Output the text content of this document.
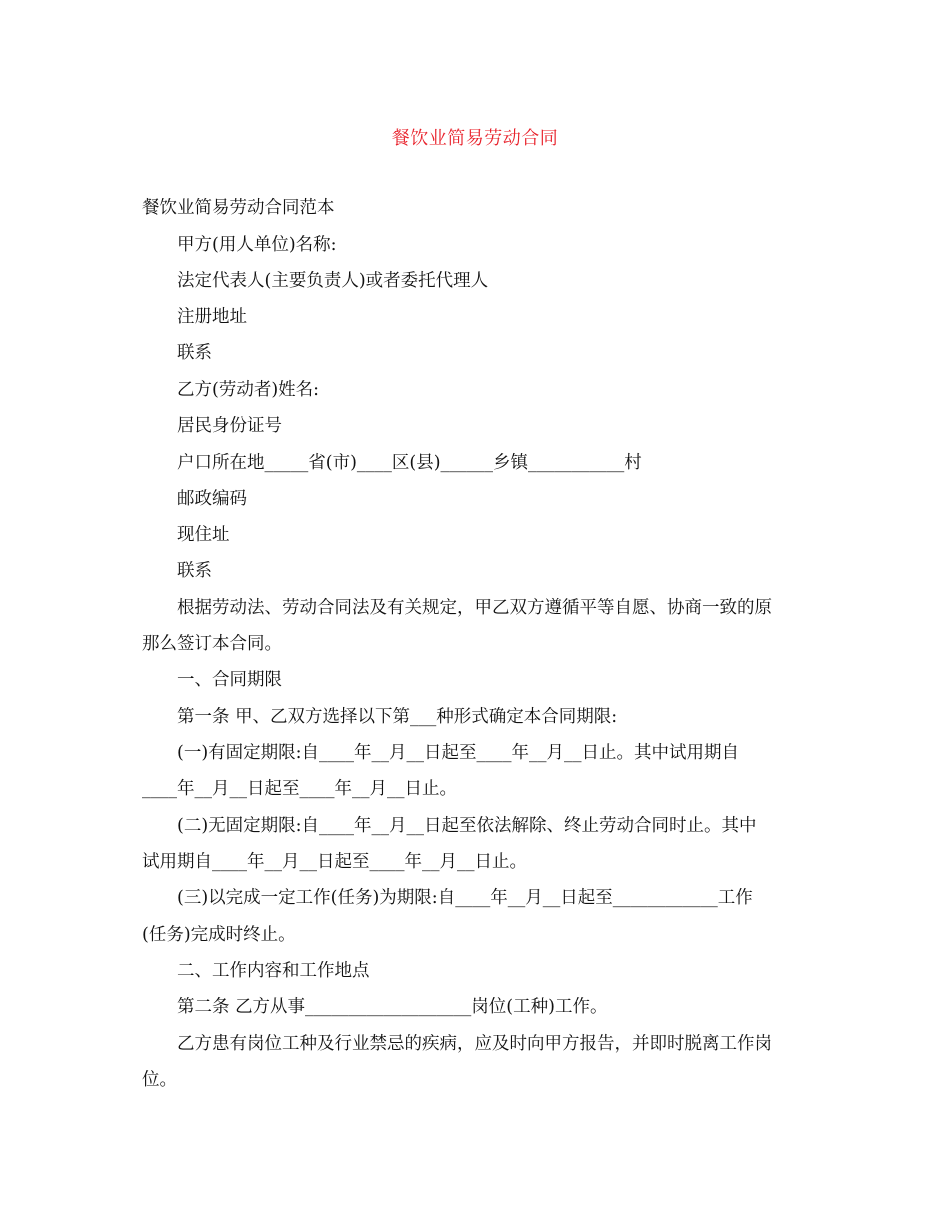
餐饮业简易劳动合同
餐饮业简易劳动合同范本
甲方(用人单位)名称:
法定代表人(主要负责人)或者委托代理人
注册地址
联系
乙方(劳动者)姓名:
居民身份证号
户口所在地_____省(市)____区(县)______乡镇___________村
邮政编码
现住址
联系
根据劳动法、劳动合同法及有关规定，甲乙双方遵循平等自愿、协商一致的原
那么签订本合同。
一、合同期限
第一条 甲、乙双方选择以下第___种形式确定本合同期限:
(一)有固定期限:自____年__月__日起至____年__月__日止。其中试用期自
____年__月__日起至____年__月__日止。
(二)无固定期限:自____年__月__日起至依法解除、终止劳动合同时止。其中
试用期自____年__月__日起至____年__月__日止。
(三)以完成一定工作(任务)为期限:自____年__月__日起至____________工作
(任务)完成时终止。
二、工作内容和工作地点
第二条 乙方从事___________________岗位(工种)工作。
乙方患有岗位工种及行业禁忌的疾病，应及时向甲方报告，并即时脱离工作岗
位。
